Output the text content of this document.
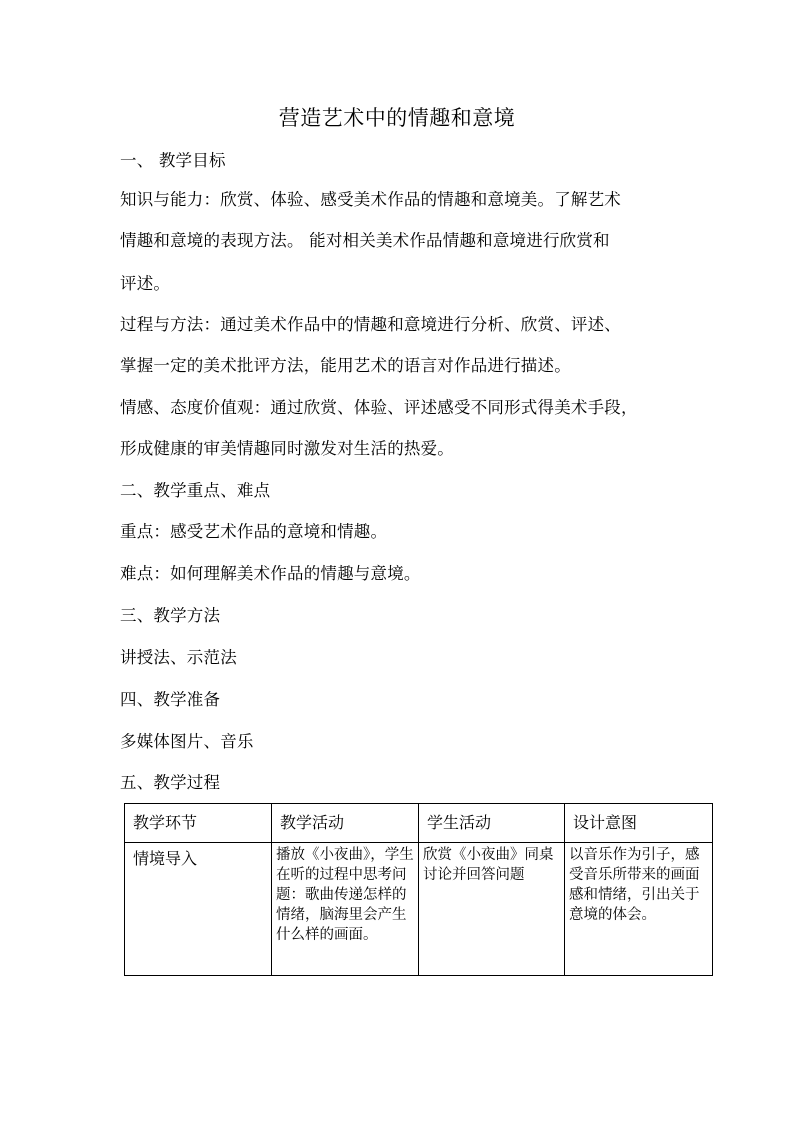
营造艺术中的情趣和意境
一、 教学目标
知识与能力：欣赏、体验、感受美术作品的情趣和意境美。了解艺术
情趣和意境的表现方法。 能对相关美术作品情趣和意境进行欣赏和
评述。
过程与方法：通过美术作品中的情趣和意境进行分析、欣赏、评述、
掌握一定的美术批评方法，能用艺术的语言对作品进行描述。
情感、态度价值观：通过欣赏、体验、评述感受不同形式得美术手段，
形成健康的审美情趣同时激发对生活的热爱。
二、教学重点、难点
重点：感受艺术作品的意境和情趣。
难点：如何理解美术作品的情趣与意境。
三、教学方法
讲授法、示范法
四、教学准备
多媒体图片、音乐
五、教学过程
教学环节	教学活动	学生活动	设计意图
情境导入	播放《小夜曲》，学生在听的过程中思考问题：歌曲传递怎样的情绪，脑海里会产生什么样的画面。	欣赏《小夜曲》同桌讨论并回答问题	以音乐作为引子，感受音乐所带来的画面感和情绪，引出关于意境的体会。
